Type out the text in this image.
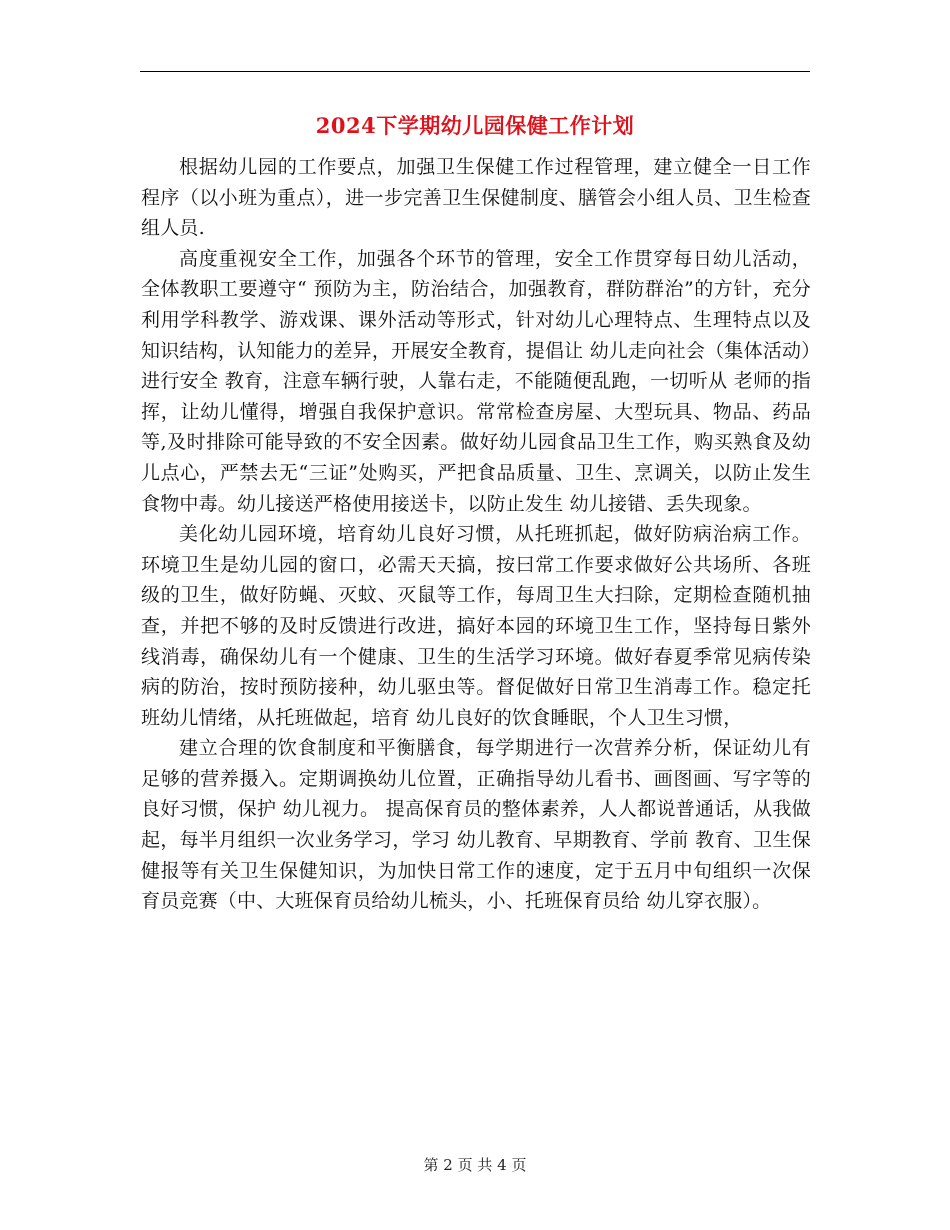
2024下学期幼儿园保健工作计划

根据幼儿园的工作要点，加强卫生保健工作过程管理，建立健全一日工作程序（以小班为重点），进一步完善卫生保健制度、膳管会小组人员、卫生检查组人员.

高度重视安全工作，加强各个环节的管理，安全工作贯穿每日幼儿活动，全体教职工要遵守“ 预防为主，防治结合，加强教育，群防群治”的方针，充分利用学科教学、游戏课、课外活动等形式，针对幼儿心理特点、生理特点以及知识结构，认知能力的差异，开展安全教育，提倡让 幼儿走向社会（集体活动）进行安全 教育，注意车辆行驶，人靠右走，不能随便乱跑，一切听从 老师的指挥，让幼儿懂得，增强自我保护意识。常常检查房屋、大型玩具、物品、药品等,及时排除可能导致的不安全因素。做好幼儿园食品卫生工作，购买熟食及幼儿点心，严禁去无“三证”处购买，严把食品质量、卫生、烹调关，以防止发生食物中毒。幼儿接送严格使用接送卡，以防止发生 幼儿接错、丢失现象。

美化幼儿园环境，培育幼儿良好习惯，从托班抓起，做好防病治病工作。环境卫生是幼儿园的窗口，必需天天搞，按曰常工作要求做好公共场所、各班级的卫生，做好防蝇、灭蚊、灭鼠等工作，每周卫生大扫除，定期检查随机抽查，并把不够的及时反馈进行改进，搞好本园的环境卫生工作，坚持每日紫外线消毒，确保幼儿有一个健康、卫生的生活学习环境。做好春夏季常见病传染病的防治，按时预防接种，幼儿驱虫等。督促做好日常卫生消毒工作。稳定托班幼儿情绪，从托班做起，培育 幼儿良好的饮食睡眠，个人卫生习惯，

建立合理的饮食制度和平衡膳食，每学期进行一次营养分析，保证幼儿有足够的营养摄入。定期调换幼儿位置，正确指导幼儿看书、画图画、写字等的良好习惯，保护 幼儿视力。 提高保育员的整体素养，人人都说普通话，从我做起，每半月组织一次业务学习，学习 幼儿教育、早期教育、学前 教育、卫生保健报等有关卫生保健知识，为加快日常工作的速度，定于五月中旬组织一次保育员竞赛（中、大班保育员给幼儿梳头，小、托班保育员给 幼儿穿衣服）。

第 2 页 共 4 页
